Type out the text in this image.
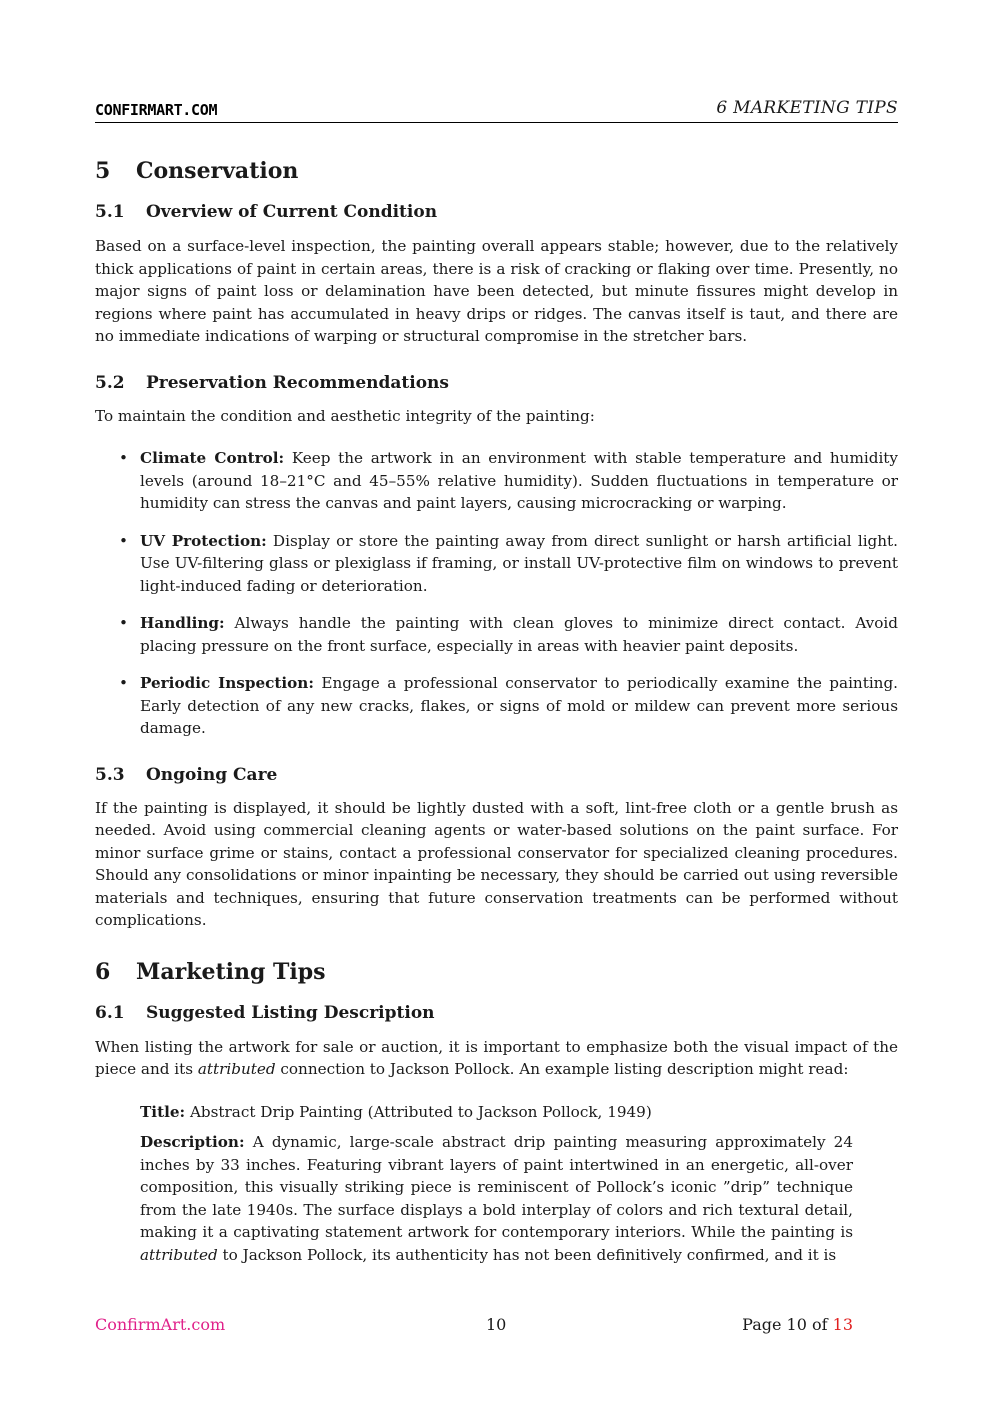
CONFIRMART.COM	6 MARKETING TIPS
5 Conservation
5.1 Overview of Current Condition

Based on a surface-level inspection, the painting overall appears stable; however, due to the relatively thick applications of paint in certain areas, there is a risk of cracking or flaking over time. Presently, no major signs of paint loss or delamination have been detected, but minute fissures might develop in regions where paint has accumulated in heavy drips or ridges. The canvas itself is taut, and there are no immediate indications of warping or structural compromise in the stretcher bars.

5.2 Preservation Recommendations

To maintain the condition and aesthetic integrity of the painting:

• Climate Control: Keep the artwork in an environment with stable temperature and humidity levels (around 18–21°C and 45–55% relative humidity). Sudden fluctuations in temperature or humidity can stress the canvas and paint layers, causing microcracking or warping.
• UV Protection: Display or store the painting away from direct sunlight or harsh artificial light. Use UV-filtering glass or plexiglass if framing, or install UV-protective film on windows to prevent light-induced fading or deterioration.
• Handling: Always handle the painting with clean gloves to minimize direct contact. Avoid placing pressure on the front surface, especially in areas with heavier paint deposits.
• Periodic Inspection: Engage a professional conservator to periodically examine the painting. Early detection of any new cracks, flakes, or signs of mold or mildew can prevent more serious damage.
5.3 Ongoing Care

If the painting is displayed, it should be lightly dusted with a soft, lint-free cloth or a gentle brush as needed. Avoid using commercial cleaning agents or water-based solutions on the paint surface. For minor surface grime or stains, contact a professional conservator for specialized cleaning procedures. Should any consolidations or minor inpainting be necessary, they should be carried out using reversible materials and techniques, ensuring that future conservation treatments can be performed without complications.

6 Marketing Tips
6.1 Suggested Listing Description

When listing the artwork for sale or auction, it is important to emphasize both the visual impact of the piece and its attributed connection to Jackson Pollock. An example listing description might read:

Title: Abstract Drip Painting (Attributed to Jackson Pollock, 1949)

Description: A dynamic, large-scale abstract drip painting measuring approximately 24 inches by 33 inches. Featuring vibrant layers of paint intertwined in an energetic, all-over composition, this visually striking piece is reminiscent of Pollock’s iconic ”drip” technique from the late 1940s. The surface displays a bold interplay of colors and rich textural detail, making it a captivating statement artwork for contemporary interiors. While the painting is attributed to Jackson Pollock, its authenticity has not been definitively confirmed, and it is

ConfirmArt.com	10	Page 10 of 13
